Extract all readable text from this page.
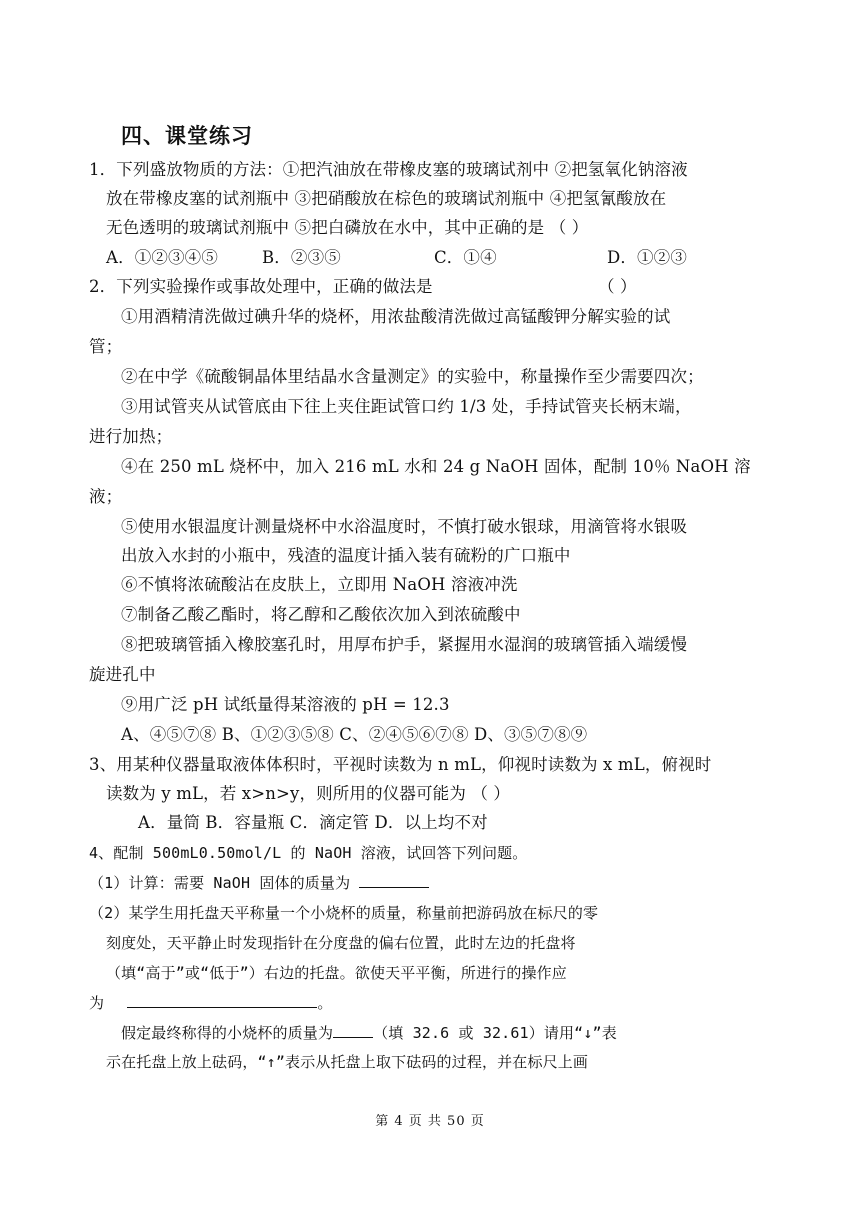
四、课堂练习
1．下列盛放物质的方法：①把汽油放在带橡皮塞的玻璃试剂中 ②把氢氧化钠溶液
放在带橡皮塞的试剂瓶中 ③把硝酸放在棕色的玻璃试剂瓶中 ④把氢氰酸放在
无色透明的玻璃试剂瓶中 ⑤把白磷放在水中，其中正确的是 （ ）
A．①②③④⑤	B．②③⑤	C．①④	D．①②③
2．下列实验操作或事故处理中，正确的做法是	（ ）
①用酒精清洗做过碘升华的烧杯，用浓盐酸清洗做过高锰酸钾分解实验的试
管；
②在中学《硫酸铜晶体里结晶水含量测定》的实验中，称量操作至少需要四次；
③用试管夹从试管底由下往上夹住距试管口约 1/3 处，手持试管夹长柄末端，
进行加热；
④在 250 mL 烧杯中，加入 216 mL 水和 24 g NaOH 固体，配制 10％ NaOH 溶
液；
⑤使用水银温度计测量烧杯中水浴温度时，不慎打破水银球，用滴管将水银吸
出放入水封的小瓶中，残渣的温度计插入装有硫粉的广口瓶中
⑥不慎将浓硫酸沾在皮肤上，立即用 NaOH 溶液冲洗
⑦制备乙酸乙酯时，将乙醇和乙酸依次加入到浓硫酸中
⑧把玻璃管插入橡胶塞孔时，用厚布护手，紧握用水湿润的玻璃管插入端缓慢
旋进孔中
⑨用广泛 pH 试纸量得某溶液的 pH = 12.3
A、④⑤⑦⑧ B、①②③⑤⑧ C、②④⑤⑥⑦⑧ D、③⑤⑦⑧⑨
3、用某种仪器量取液体体积时，平视时读数为 n mL，仰视时读数为 x mL，俯视时
读数为 y mL，若 x>n>y，则所用的仪器可能为 （ ）
A．量筒 B．容量瓶 C．滴定管 D．以上均不对
4、配制 500mL0.50mol/L 的 NaOH 溶液，试回答下列问题。
（1）计算：需要 NaOH 固体的质量为
（2）某学生用托盘天平称量一个小烧杯的质量，称量前把游码放在标尺的零
刻度处，天平静止时发现指针在分度盘的偏右位置，此时左边的托盘将
（填“高于”或“低于”）右边的托盘。欲使天平平衡，所进行的操作应
为	。
假定最终称得的小烧杯的质量为	（填 32.6 或 32.61）请用“↓”表
示在托盘上放上砝码，“↑”表示从托盘上取下砝码的过程，并在标尺上画
第 4 页 共 50 页
